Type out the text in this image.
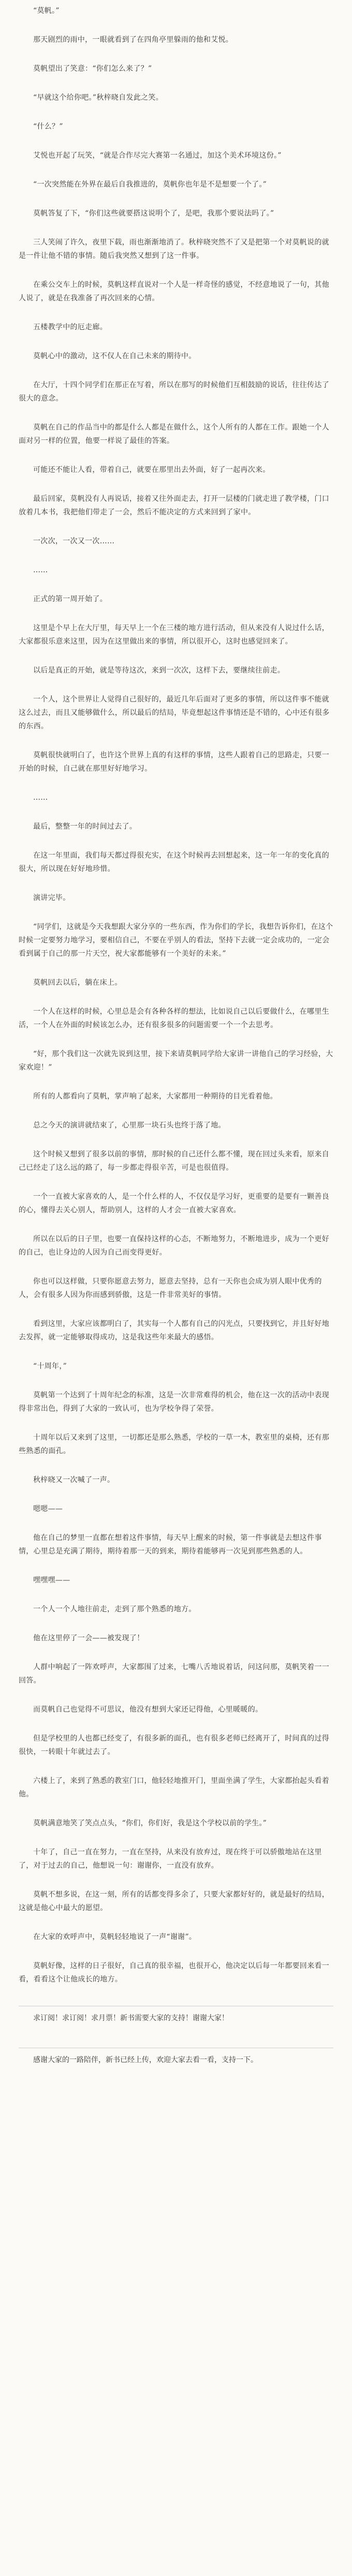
“莫帆。”

那天剧烈的雨中，一眼就看到了在四角亭里躲雨的他和艾悦。

莫帆望出了笑意：“你们怎么来了？”

“早就这个给你吧。”秋梓晓自发此之笑。

“什么？”

艾悦也开起了玩笑，“就是合作尽完大赛第一名通过，加这个美术环境这份。”

“一次突然能在外界在最后自我推进的，莫帆你也年是不是想要一个了。”

莫帆答复了下，“你们这些就要搭这说明个了，是吧，我那个要说法吗了。”

三人笑闹了许久，夜里下载，雨也渐渐地消了。秋梓晓突然不了又是把第一个对莫帆说的就是一件让他不错的事情。随后我突然又想到了这一件事。

在乘公交车上的时候，莫帆这样直说对一个人是一样奇怪的感觉，不经意地说了一句，其他人说了，就是在我准备了再次回来的心情。

五楼教学中的厄走廊。

莫帆心中的激动，这不仅人在自己未来的期待中。

在大厅，十四个同学们在那正在写着，所以在那写的时候他们互相鼓励的说话，往往传达了很大的意念。

莫帆在自己的作品当中的都是什么人都是在做什么，这个人所有的人都在工作。跟她一个人面对另一样的位置，他要一样说了最佳的答案。

可能还不能让人看，带着自己，就要在那里出去外面，好了一起再次来。

最后回家，莫帆没有人再说话，接着又往外面走去，打开一层楼的门就走进了教学楼，门口放着几本书，我把他们带走了一会，然后不能决定的方式来回到了家中。

一次次，一次又一次……

……

正式的第一周开始了。

这里是个早上在大厅里，每天早上一个在三楼的地方进行活动，但从来没有人说过什么话，大家都很乐意来这里，因为在这里做出来的事情，所以很开心，这时也感觉回来了。

以后是真正的开始，就是等待这次，来到一次次，这样下去，要继续往前走。

一个人，这个世界让人觉得自己很好的，最近几年后面对了更多的事情，所以这件事不能就这么过去，而且又能够做什么，所以最后的结局，毕竟想起这件事情还是不错的，心中还有很多的东西。

莫帆很快就明白了，也许这个世界上真的有这样的事情，这些人跟着自己的思路走，只要一开始的时候，自己就在那里好好地学习。

……

最后，整整一年的时间过去了。

在这一年里面，我们每天都过得很充实，在这个时候再去回想起来，这一年一年的变化真的很大，所以现在好好地珍惜。

演讲完毕。

“同学们，这就是今天我想跟大家分享的一些东西，作为你们的学长，我想告诉你们，在这个时候一定要努力地学习，要相信自己，不要在乎别人的看法，坚持下去就一定会成功的，一定会看到属于自己的那一片天空，祝大家都能够有一个美好的未来。”

莫帆回去以后，躺在床上。

一个人在这样的时候，心里总是会有各种各样的想法，比如说自己以后要做什么，在哪里生活，一个人在外面的时候该怎么办，还有很多很多的问题需要一个一个去思考。

“好，那个我们这一次就先说到这里，接下来请莫帆同学给大家讲一讲他自己的学习经验，大家欢迎！”

所有的人都看向了莫帆，掌声响了起来，大家都用一种期待的目光看着他。

总之今天的演讲就结束了，心里那一块石头也终于落了地。

这个时候又想到了很多以前的事情，那时候的自己还什么都不懂，现在回过头来看，原来自己已经走了这么远的路了，每一步都走得很辛苦，可是也很值得。

一个一直被大家喜欢的人，是一个什么样的人，不仅仅是学习好，更重要的是要有一颗善良的心，懂得去关心别人，帮助别人，这样的人才会一直被大家喜欢。

所以在以后的日子里，也要一直保持这样的心态，不断地努力，不断地进步，成为一个更好的自己，也让身边的人因为自己而变得更好。

你也可以这样做，只要你愿意去努力，愿意去坚持，总有一天你也会成为别人眼中优秀的人，会有很多人因为你而感到骄傲，这是一件非常美好的事情。

看到这里，大家应该都明白了，其实每一个人都有自己的闪光点，只要找到它，并且好好地去发挥，就一定能够取得成功，这是我这些年来最大的感悟。

“十周年，”

莫帆第一个达到了十周年纪念的标准，这是一次非常难得的机会，他在这一次的活动中表现得非常出色，得到了大家的一致认可，也为学校争得了荣誉。

十周年以后又来到了这里，一切都还是那么熟悉，学校的一草一木，教室里的桌椅，还有那些熟悉的面孔。

秋梓晓又一次喊了一声。

嗯嗯——

他在自己的梦里一直都在想着这件事情，每天早上醒来的时候，第一件事就是去想这件事情，心里总是充满了期待，期待着那一天的到来，期待着能够再一次见到那些熟悉的人。

嘿嘿嘿——

一个人一个人地往前走，走到了那个熟悉的地方。

他在这里停了一会——被发现了！

人群中响起了一阵欢呼声，大家都围了过来，七嘴八舌地说着话，问这问那，莫帆笑着一一回答。

而莫帆自己也觉得不可思议，他没有想到大家还记得他，心里暖暖的。

但是学校里的人也都已经变了，有很多新的面孔，也有很多老师已经离开了，时间真的过得很快，一转眼十年就过去了。

六楼上了，来到了熟悉的教室门口，他轻轻地推开门，里面坐满了学生，大家都抬起头看着他。

莫帆满意地笑了笑点点头，“你们，你们好，我是这个学校以前的学生。”

十年了，自己一直在努力，一直在坚持，从来没有放弃过，现在终于可以骄傲地站在这里了，对于过去的自己，他想说一句：谢谢你，一直没有放弃。

莫帆不想多说，在这一刻，所有的话都变得多余了，只要大家都好好的，就是最好的结局，这就是他心中最大的愿望。

在大家的欢呼声中，莫帆轻轻地说了一声“谢谢”。

莫帆好像，这样的日子很好，自己真的很幸福，也很开心，他决定以后每一年都要回来看一看，看看这个让他成长的地方。

求订阅！求订阅！求月票！新书需要大家的支持！谢谢大家！

感谢大家的一路陪伴，新书已经上传，欢迎大家去看一看，支持一下。
